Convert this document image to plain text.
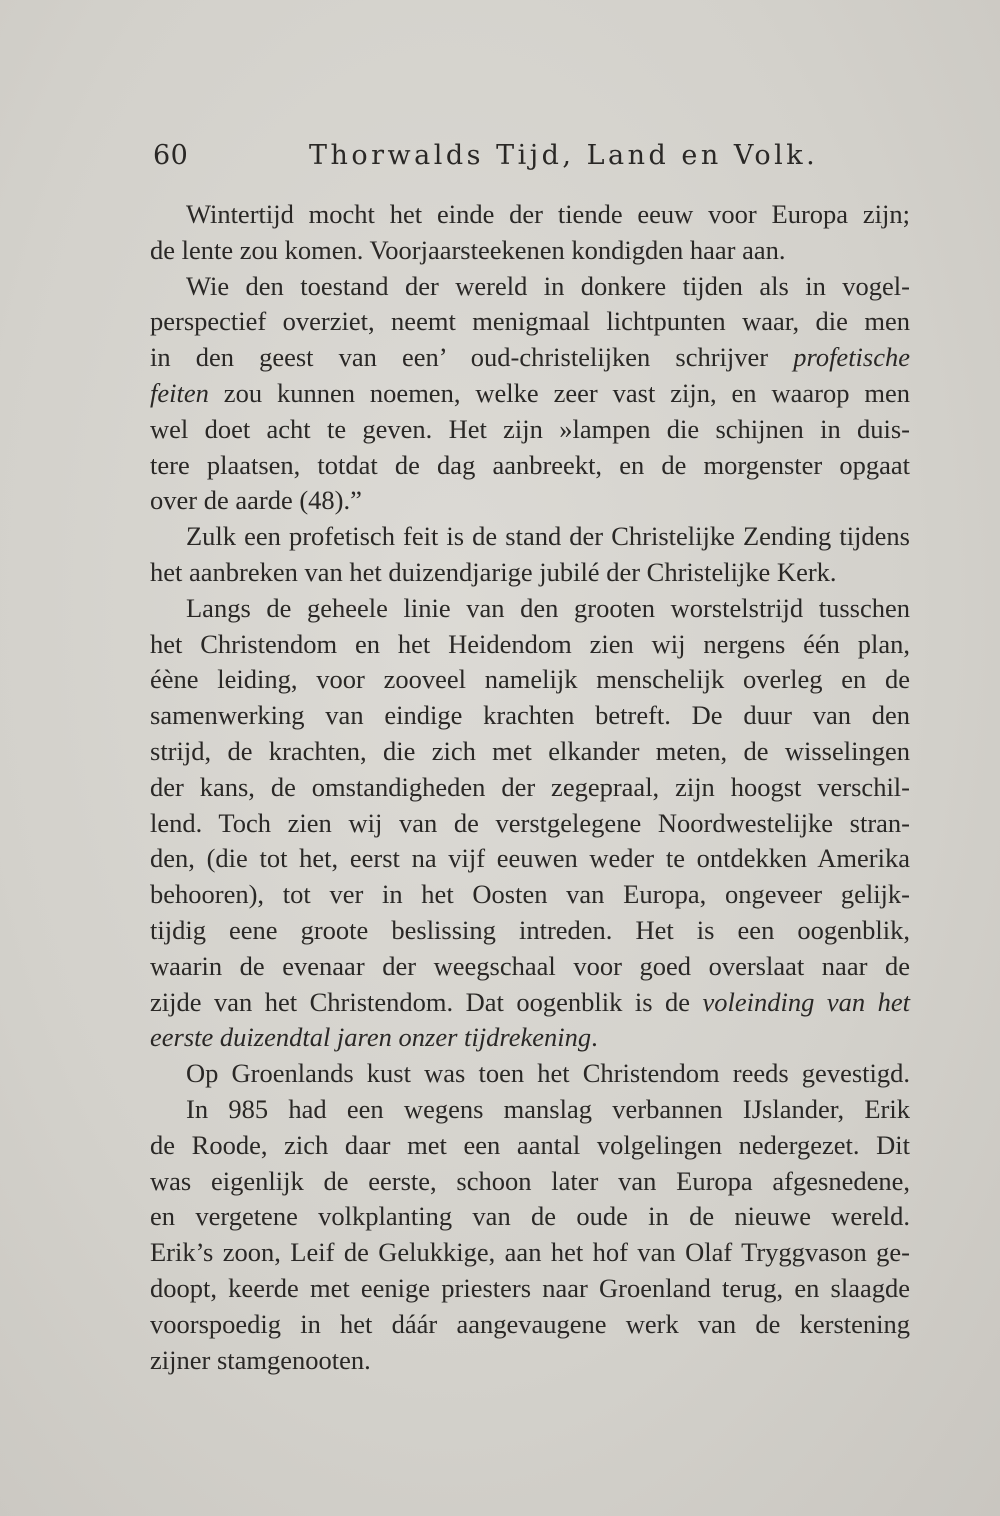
60	Thorwalds Tijd, Land en Volk.
Wintertijd mocht het einde der tiende eeuw voor Europa zijn;
de lente zou komen. Voorjaarsteekenen kondigden haar aan.
Wie den toestand der wereld in donkere tijden als in vogel-
perspectief overziet, neemt menigmaal lichtpunten waar, die men
in den geest van een’ oud-christelijken schrijver profetische
feiten zou kunnen noemen, welke zeer vast zijn, en waarop men
wel doet acht te geven. Het zijn »lampen die schijnen in duis-
tere plaatsen, totdat de dag aanbreekt, en de morgenster opgaat
over de aarde (48).”
Zulk een profetisch feit is de stand der Christelijke Zending tijdens
het aanbreken van het duizendjarige jubilé der Christelijke Kerk.
Langs de geheele linie van den grooten worstelstrijd tusschen
het Christendom en het Heidendom zien wij nergens één plan,
éène leiding, voor zooveel namelijk menschelijk overleg en de
samenwerking van eindige krachten betreft. De duur van den
strijd, de krachten, die zich met elkander meten, de wisselingen
der kans, de omstandigheden der zegepraal, zijn hoogst verschil-
lend. Toch zien wij van de verstgelegene Noordwestelijke stran-
den, (die tot het, eerst na vijf eeuwen weder te ontdekken Amerika
behooren), tot ver in het Oosten van Europa, ongeveer gelijk-
tijdig eene groote beslissing intreden. Het is een oogenblik,
waarin de evenaar der weegschaal voor goed overslaat naar de
zijde van het Christendom. Dat oogenblik is de voleinding van het
eerste duizendtal jaren onzer tijdrekening.
Op Groenlands kust was toen het Christendom reeds gevestigd.
In 985 had een wegens manslag verbannen IJslander, Erik
de Roode, zich daar met een aantal volgelingen nedergezet. Dit
was eigenlijk de eerste, schoon later van Europa afgesnedene,
en vergetene volkplanting van de oude in de nieuwe wereld.
Erik’s zoon, Leif de Gelukkige, aan het hof van Olaf Tryggvason ge-
doopt, keerde met eenige priesters naar Groenland terug, en slaagde
voorspoedig in het dáár aangevaugene werk van de kerstening
zijner stamgenooten.
